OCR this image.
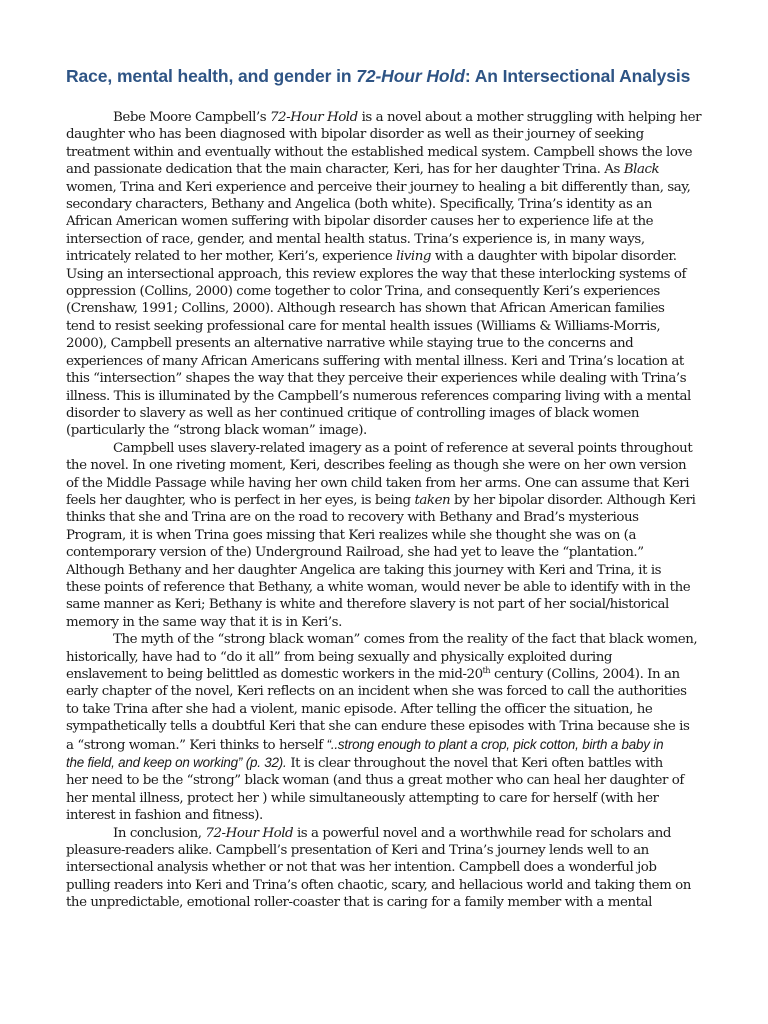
Race, mental health, and gender in 72-Hour Hold: An Intersectional Analysis
Bebe Moore Campbell’s 72-Hour Hold is a novel about a mother struggling with helping her
daughter who has been diagnosed with bipolar disorder as well as their journey of seeking
treatment within and eventually without the established medical system. Campbell shows the love
and passionate dedication that the main character, Keri, has for her daughter Trina. As Black
women, Trina and Keri experience and perceive their journey to healing a bit differently than, say,
secondary characters, Bethany and Angelica (both white). Specifically, Trina’s identity as an
African American women suffering with bipolar disorder causes her to experience life at the
intersection of race, gender, and mental health status. Trina’s experience is, in many ways,
intricately related to her mother, Keri’s, experience living with a daughter with bipolar disorder.
Using an intersectional approach, this review explores the way that these interlocking systems of
oppression (Collins, 2000) come together to color Trina, and consequently Keri’s experiences
(Crenshaw, 1991; Collins, 2000). Although research has shown that African American families
tend to resist seeking professional care for mental health issues (Williams & Williams-Morris,
2000), Campbell presents an alternative narrative while staying true to the concerns and
experiences of many African Americans suffering with mental illness. Keri and Trina’s location at
this “intersection” shapes the way that they perceive their experiences while dealing with Trina’s
illness. This is illuminated by the Campbell’s numerous references comparing living with a mental
disorder to slavery as well as her continued critique of controlling images of black women
(particularly the “strong black woman” image).
Campbell uses slavery-related imagery as a point of reference at several points throughout
the novel. In one riveting moment, Keri, describes feeling as though she were on her own version
of the Middle Passage while having her own child taken from her arms. One can assume that Keri
feels her daughter, who is perfect in her eyes, is being taken by her bipolar disorder. Although Keri
thinks that she and Trina are on the road to recovery with Bethany and Brad’s mysterious
Program, it is when Trina goes missing that Keri realizes while she thought she was on (a
contemporary version of the) Underground Railroad, she had yet to leave the “plantation.”
Although Bethany and her daughter Angelica are taking this journey with Keri and Trina, it is
these points of reference that Bethany, a white woman, would never be able to identify with in the
same manner as Keri; Bethany is white and therefore slavery is not part of her social/historical
memory in the same way that it is in Keri’s.
The myth of the “strong black woman” comes from the reality of the fact that black women,
historically, have had to “do it all” from being sexually and physically exploited during
enslavement to being belittled as domestic workers in the mid-20th century (Collins, 2004). In an
early chapter of the novel, Keri reflects on an incident when she was forced to call the authorities
to take Trina after she had a violent, manic episode. After telling the officer the situation, he
sympathetically tells a doubtful Keri that she can endure these episodes with Trina because she is
a “strong woman.” Keri thinks to herself “..strong enough to plant a crop, pick cotton, birth a baby in
the field, and keep on working” (p. 32). It is clear throughout the novel that Keri often battles with
her need to be the “strong” black woman (and thus a great mother who can heal her daughter of
her mental illness, protect her ) while simultaneously attempting to care for herself (with her
interest in fashion and fitness).
In conclusion, 72-Hour Hold is a powerful novel and a worthwhile read for scholars and
pleasure-readers alike. Campbell’s presentation of Keri and Trina’s journey lends well to an
intersectional analysis whether or not that was her intention. Campbell does a wonderful job
pulling readers into Keri and Trina’s often chaotic, scary, and hellacious world and taking them on
the unpredictable, emotional roller-coaster that is caring for a family member with a mental
